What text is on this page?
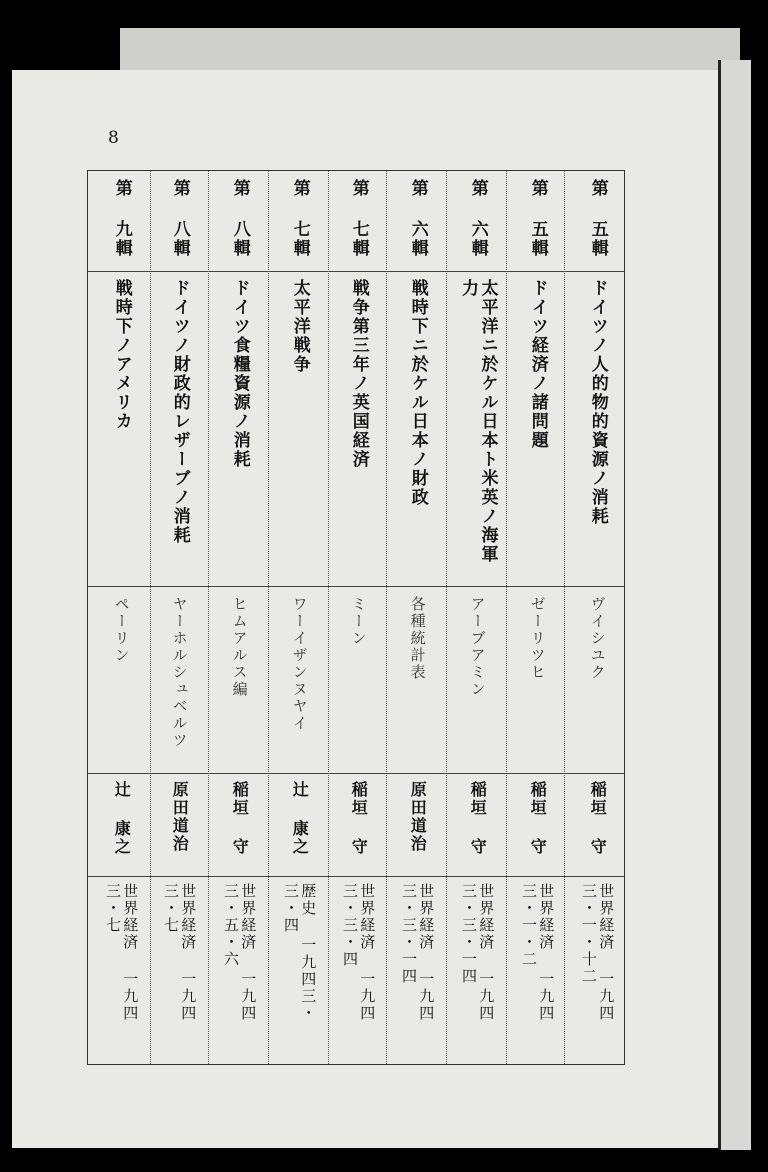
8
第 五輯
ドイツノ人的物的資源ノ消耗
ヴイシユク
稲垣 守
世界経済 一九四三・一・十二
第 五輯
ドイツ経済ノ諸問題
ゼーリツヒ
稲垣 守
世界経済 一九四三・一・二
第 六輯
太平洋ニ於ケル日本ト米英ノ海軍力
アーブアミン
稲垣 守
世界経済 一九四三・三・一四
第 六輯
戦時下ニ於ケル日本ノ財政
各種統計表
原田道治
世界経済 一九四三・三・一四
第 七輯
戦争第三年ノ英国経済
ミーン
稲垣 守
世界経済 一九四三・三・四
第 七輯
太平洋戦争
ワーイザンヌヤイ
辻 康之
歴史 一九四三・三・四
第 八輯
ドイツ食糧資源ノ消耗
ヒムアルス編
稲垣 守
世界経済 一九四三・五・六
第 八輯
ドイツノ財政的レザーブノ消耗
ヤーホルシュベルツ
原田道治
世界経済 一九四三・七
第 九輯
戦時下ノアメリカ
ペーリン
辻 康之
世界経済 一九四三・七
